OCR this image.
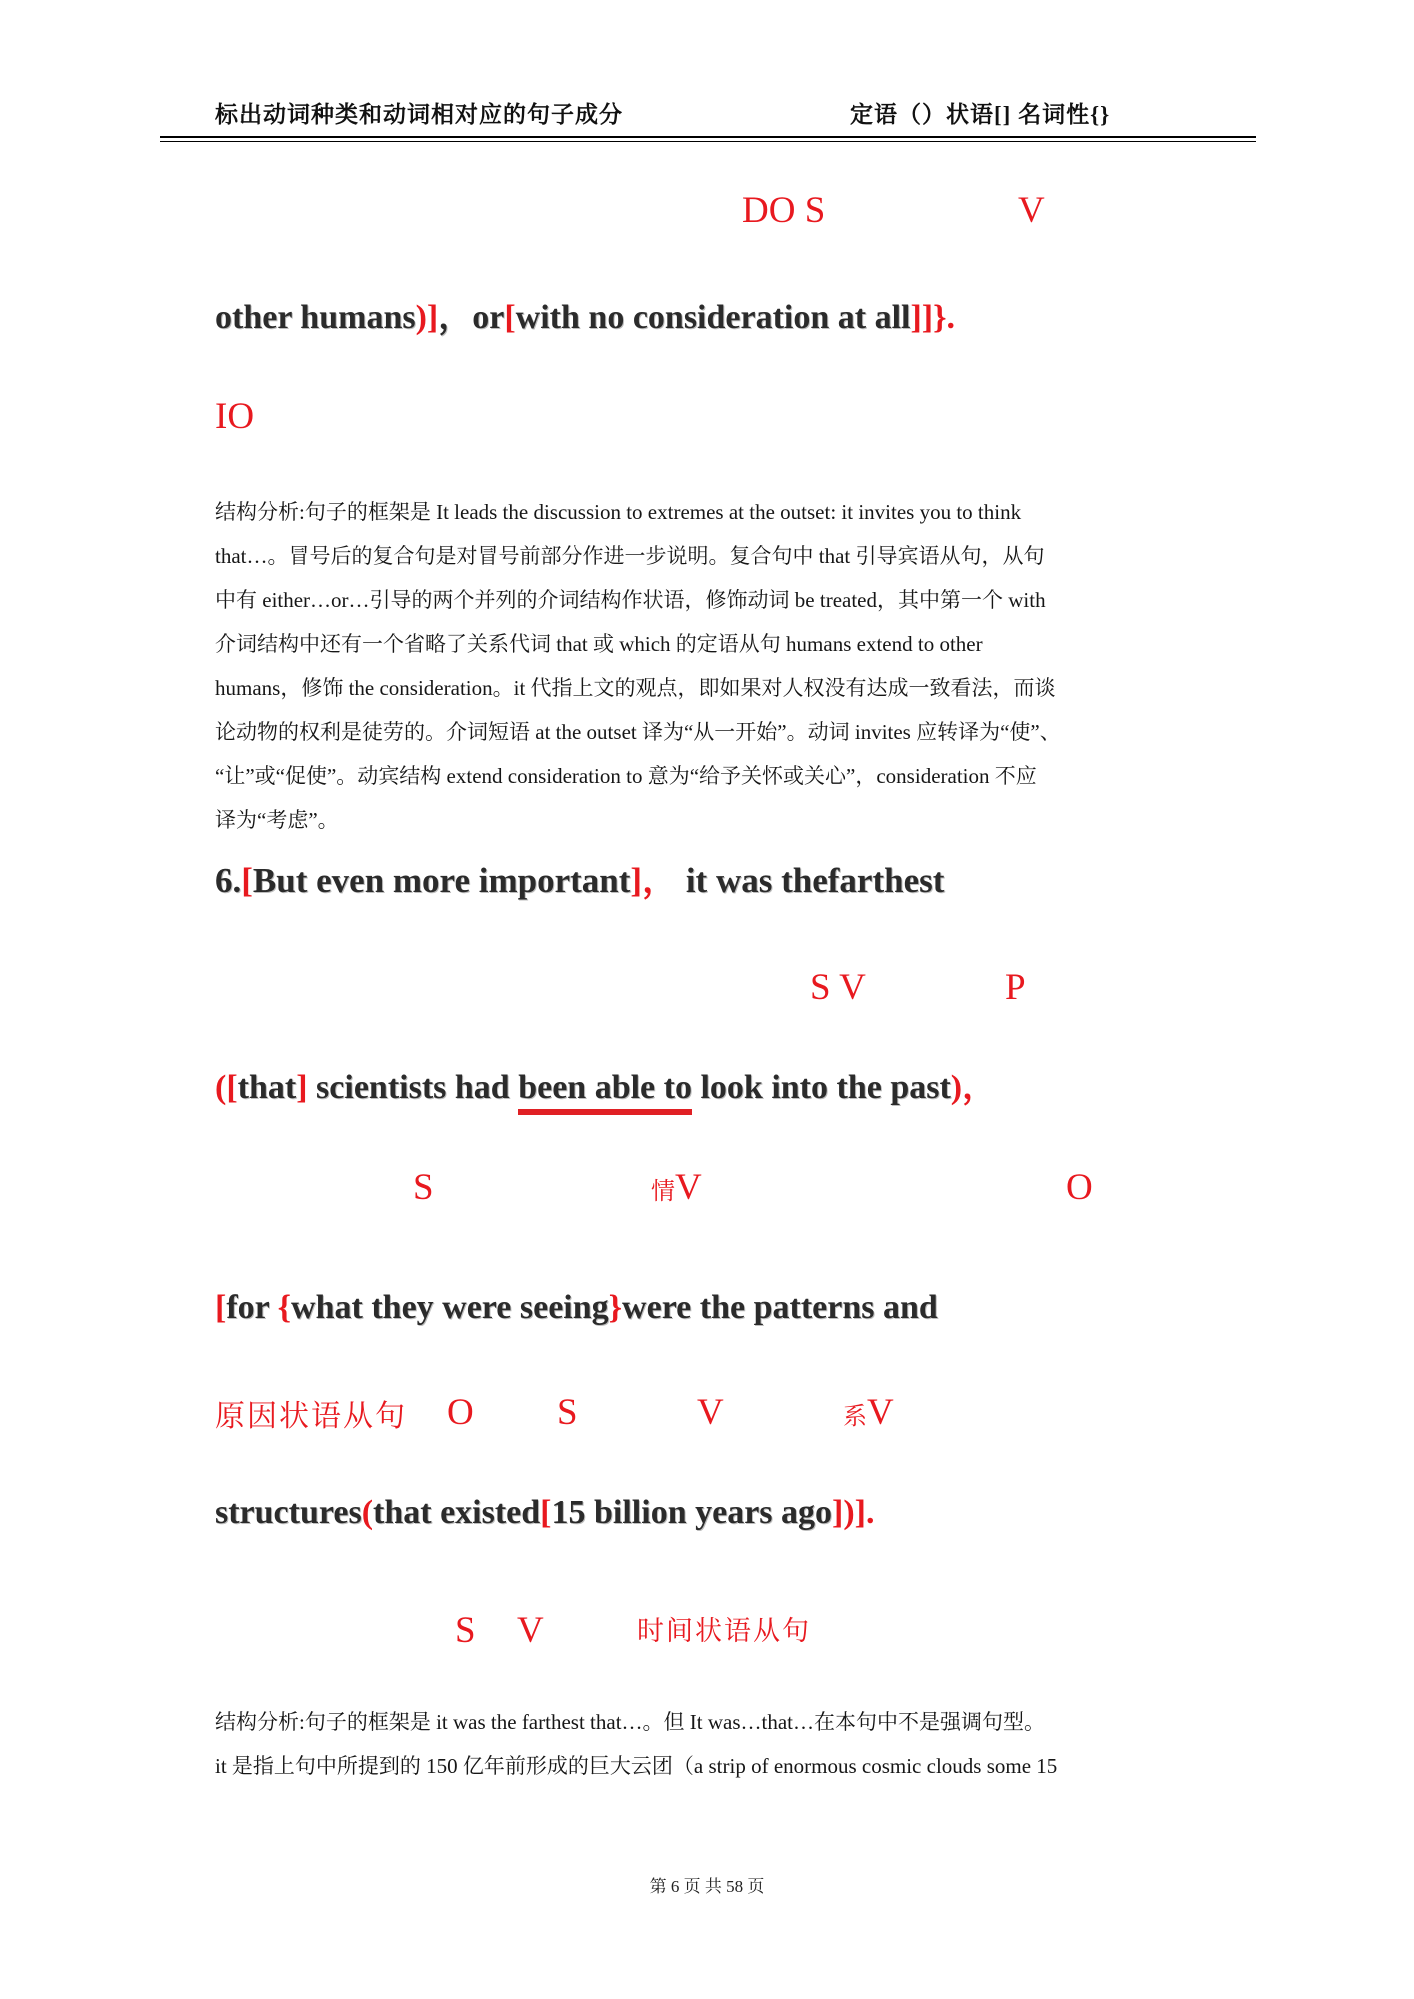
标出动词种类和动词相对应的句子成分	定语（）状语[] 名词性{}
DO S	V
other humans)]，or[with no consideration at all]]}.
IO
结构分析:句子的框架是 It leads the discussion to extremes at the outset: it invites you to think
that…。冒号后的复合句是对冒号前部分作进一步说明。复合句中 that 引导宾语从句，从句
中有 either…or…引导的两个并列的介词结构作状语，修饰动词 be treated，其中第一个 with
介词结构中还有一个省略了关系代词 that 或 which 的定语从句 humans extend to other
humans，修饰 the consideration。it 代指上文的观点，即如果对人权没有达成一致看法，而谈
论动物的权利是徒劳的。介词短语 at the outset 译为“从一开始”。动词 invites 应转译为“使”、
“让”或“促使”。动宾结构 extend consideration to 意为“给予关怀或关心”，consideration 不应
译为“考虑”。
6.[But even more important]， it was thefarthest
S V	P
([that] scientists had been able to look into the past)，
S	情V	O
[for {what they were seeing}were the patterns and
原因状语从句 O S	V	系V
structures(that existed[15 billion years ago])].
S V	时间状语从句
结构分析:句子的框架是 it was the farthest that…。但 It was…that…在本句中不是强调句型。
it 是指上句中所提到的 150 亿年前形成的巨大云团（a strip of enormous cosmic clouds some 15
第 6 页 共 58 页
